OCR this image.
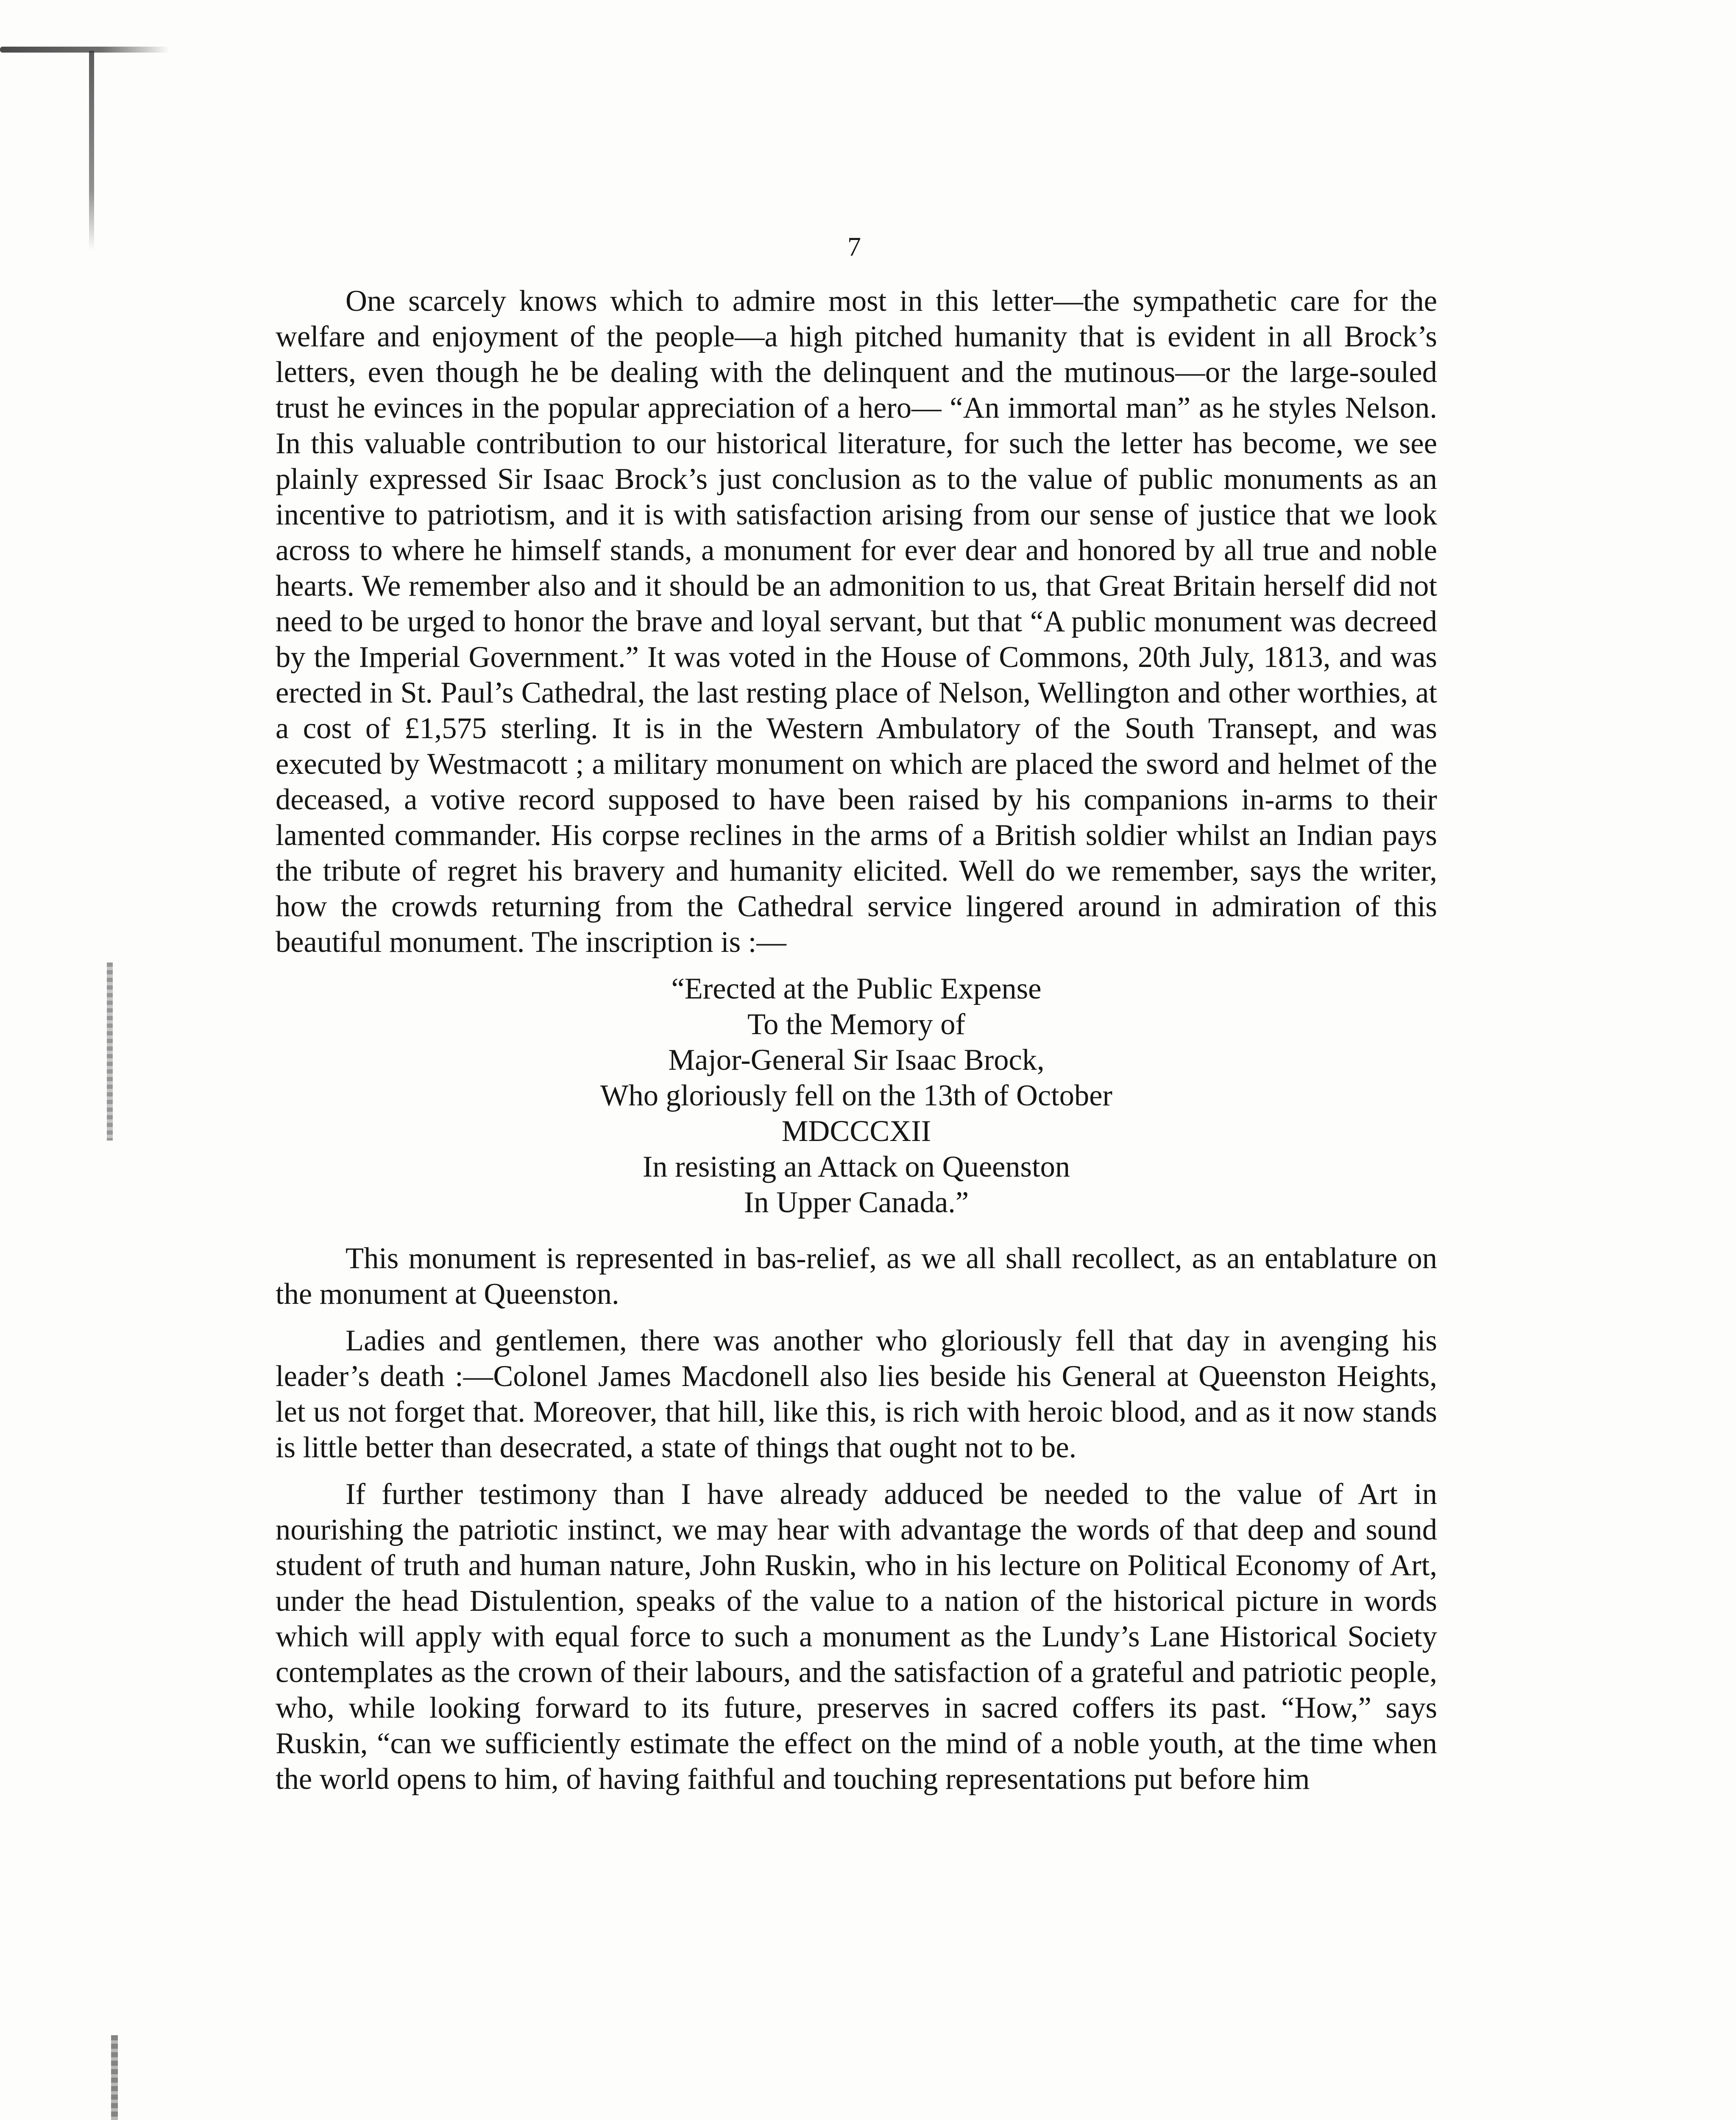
7

One scarcely knows which to admire most in this letter—the sympathetic care for the welfare and enjoyment of the people—a high pitched humanity that is evident in all Brock’s letters, even though he be dealing with the delinquent and the mutinous—or the large-souled trust he evinces in the popular appreciation of a hero— “An immortal man” as he styles Nelson. In this valuable contribution to our historical literature, for such the letter has become, we see plainly expressed Sir Isaac Brock’s just conclusion as to the value of public monuments as an incentive to patriotism, and it is with satisfaction arising from our sense of justice that we look across to where he himself stands, a monument for ever dear and honored by all true and noble hearts. We remember also and it should be an admonition to us, that Great Britain herself did not need to be urged to honor the brave and loyal servant, but that “A public monument was decreed by the Imperial Government.” It was voted in the House of Commons, 20th July, 1813, and was erected in St. Paul’s Cathedral, the last resting place of Nelson, Wellington and other worthies, at a cost of £1,575 sterling. It is in the Western Ambulatory of the South Transept, and was executed by Westmacott ; a military monument on which are placed the sword and helmet of the deceased, a votive record supposed to have been raised by his companions in-arms to their lamented commander. His corpse reclines in the arms of a British soldier whilst an Indian pays the tribute of regret his bravery and humanity elicited. Well do we remember, says the writer, how the crowds returning from the Cathedral service lingered around in admiration of this beautiful monument. The inscription is :—

“Erected at the Public Expense
To the Memory of
Major-General Sir Isaac Brock,
Who gloriously fell on the 13th of October
MDCCCXII
In resisting an Attack on Queenston
In Upper Canada.”

This monument is represented in bas-relief, as we all shall recollect, as an entablature on the monument at Queenston.

Ladies and gentlemen, there was another who gloriously fell that day in avenging his leader’s death :—Colonel James Macdonell also lies beside his General at Queenston Heights, let us not forget that. Moreover, that hill, like this, is rich with heroic blood, and as it now stands is little better than desecrated, a state of things that ought not to be.

If further testimony than I have already adduced be needed to the value of Art in nourishing the patriotic instinct, we may hear with advantage the words of that deep and sound student of truth and human nature, John Ruskin, who in his lecture on Political Economy of Art, under the head Distulention, speaks of the value to a nation of the historical picture in words which will apply with equal force to such a monument as the Lundy’s Lane Historical Society contemplates as the crown of their labours, and the satisfaction of a grateful and patriotic people, who, while looking forward to its future, preserves in sacred coffers its past. “How,” says Ruskin, “can we sufficiently estimate the effect on the mind of a noble youth, at the time when the world opens to him, of having faithful and touching representations put before him
